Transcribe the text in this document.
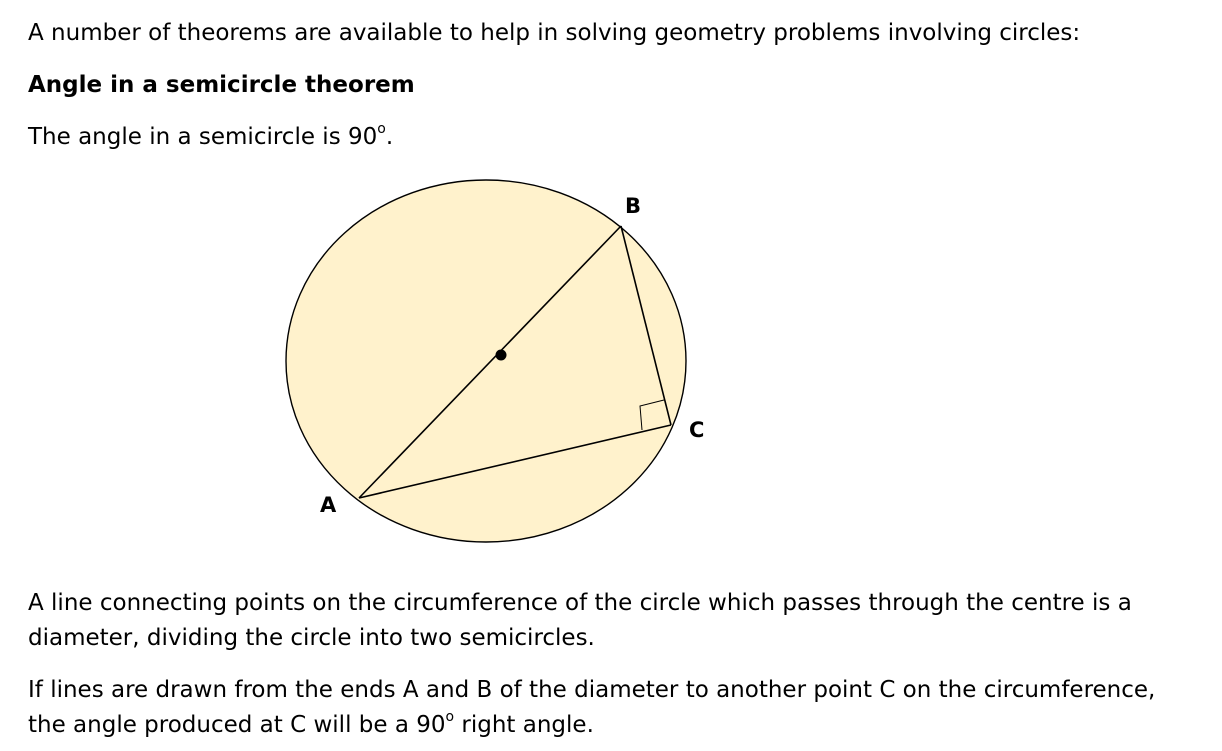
A number of theorems are available to help in solving geometry problems involving circles:
Angle in a semicircle theorem
The angle in a semicircle is 90$^o$.
A line connecting points on the circumference of the circle which passes through the centre is a
diameter, dividing the circle into two semicircles.
If lines are drawn from the ends A and B of the diameter to another point C on the circumference,
the angle produced at C will be a 90$^o$ right angle.
B
C
A
